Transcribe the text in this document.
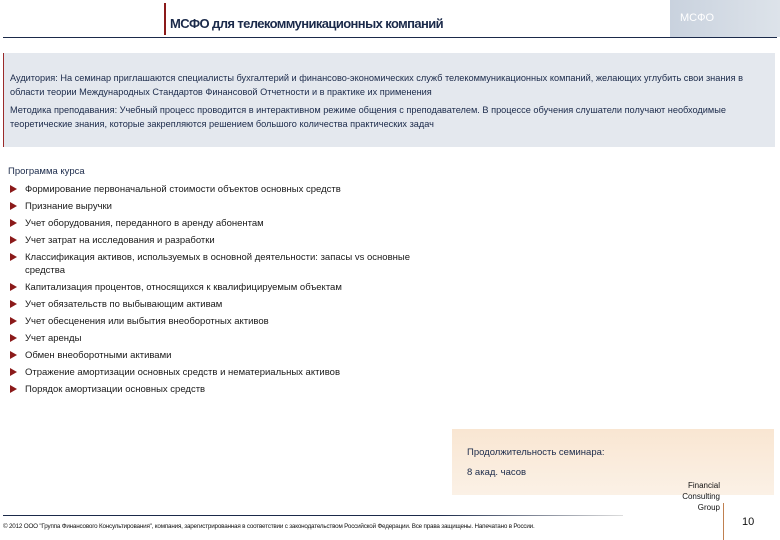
МСФО для телекоммуникационных компаний	МСФО

Аудитория: На семинар приглашаются специалисты бухгалтерий и финансово-экономических служб телекоммуникационных компаний, желающих углубить свои знания в области теории Международных Стандартов Финансовой Отчетности и в практике их применения

Методика преподавания: Учебный процесс проводится в интерактивном режиме общения с преподавателем. В процессе обучения слушатели получают необходимые теоретические знания, которые закрепляются решением большого количества практических задач

Программа курса
Формирование первоначальной стоимости объектов основных средств
Признание выручки
Учет оборудования, переданного в аренду абонентам
Учет затрат на исследования и разработки
Классификация активов, используемых в основной деятельности: запасы vs основные средства
Капитализация процентов, относящихся к квалифицируемым объектам
Учет обязательств по выбывающим активам
Учет обесценения или выбытия внеоборотных активов
Учет аренды
Обмен внеоборотными активами
Отражение амортизации основных средств и нематериальных активов
Порядок амортизации основных средств
Продолжительность семинара:
8 акад. часов
© 2012 ООО "Группа Финансового Консультирования", компания, зарегистрированная в соответствии с законодательством Российской Федерации. Все права защищены. Напечатано в России.
Financial
Consulting
Group
10
